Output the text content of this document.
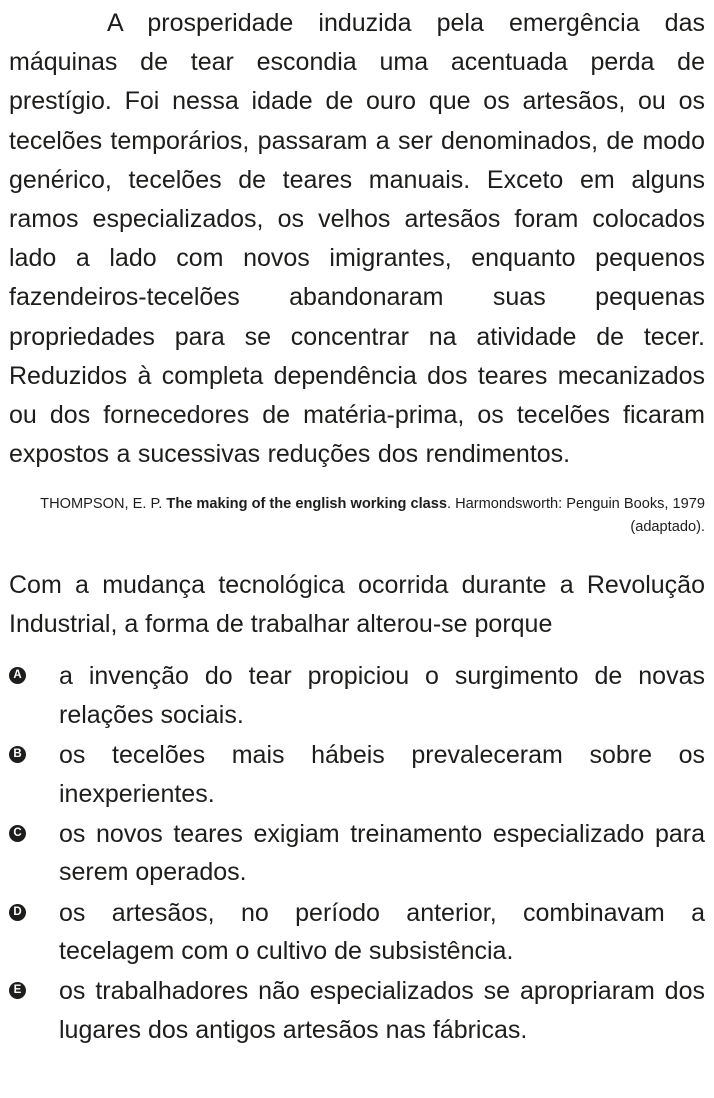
A prosperidade induzida pela emergência das máquinas de tear escondia uma acentuada perda de prestígio. Foi nessa idade de ouro que os artesãos, ou os tecelões temporários, passaram a ser denominados, de modo genérico, tecelões de teares manuais. Exceto em alguns ramos especializados, os velhos artesãos foram colocados lado a lado com novos imigrantes, enquanto pequenos fazendeiros-tecelões abandonaram suas pequenas propriedades para se concentrar na atividade de tecer. Reduzidos à completa dependência dos teares mecanizados ou dos fornecedores de matéria-prima, os tecelões ficaram expostos a sucessivas reduções dos rendimentos.

THOMPSON, E. P. The making of the english working class. Harmondsworth: Penguin Books, 1979 (adaptado).

Com a mudança tecnológica ocorrida durante a Revolução Industrial, a forma de trabalhar alterou-se porque

A a invenção do tear propiciou o surgimento de novas relações sociais.
B os tecelões mais hábeis prevaleceram sobre os inexperientes.
C os novos teares exigiam treinamento especializado para serem operados.
D os artesãos, no período anterior, combinavam a tecelagem com o cultivo de subsistência.
E os trabalhadores não especializados se apropriaram dos lugares dos antigos artesãos nas fábricas.
